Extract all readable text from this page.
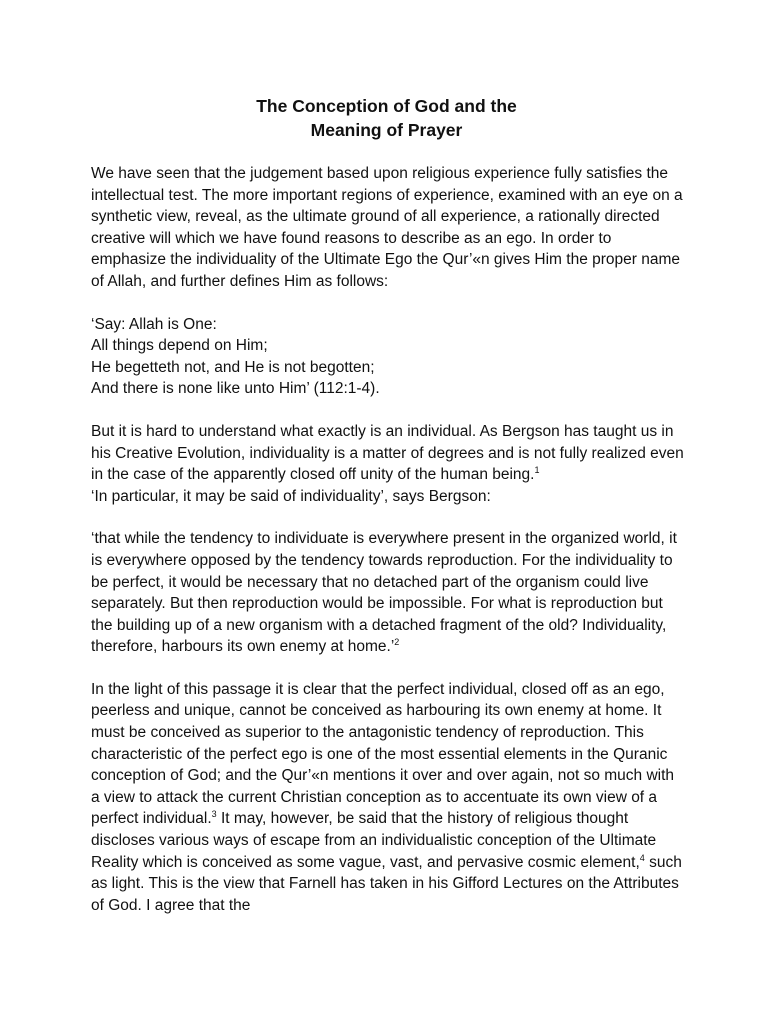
The Conception of God and the
Meaning of Prayer

We have seen that the judgement based upon religious experience fully satisfies the intellectual test. The more important regions of experience, examined with an eye on a synthetic view, reveal, as the ultimate ground of all experience, a rationally directed creative will which we have found reasons to describe as an ego. In order to emphasize the individuality of the Ultimate Ego the Qur’«n gives Him the proper name of Allah, and further defines Him as follows:

‘Say: Allah is One:
All things depend on Him;
He begetteth not, and He is not begotten;
And there is none like unto Him’ (112:1-4).

But it is hard to understand what exactly is an individual. As Bergson has taught us in his Creative Evolution, individuality is a matter of degrees and is not fully realized even in the case of the apparently closed off unity of the human being.$^1$
‘In particular, it may be said of individuality’, says Bergson:

‘that while the tendency to individuate is everywhere present in the organized world, it is everywhere opposed by the tendency towards reproduction. For the individuality to be perfect, it would be necessary that no detached part of the organism could live separately. But then reproduction would be impossible. For what is reproduction but the building up of a new organism with a detached fragment of the old? Individuality, therefore, harbours its own enemy at home.’$^2$

In the light of this passage it is clear that the perfect individual, closed off as an ego, peerless and unique, cannot be conceived as harbouring its own enemy at home. It must be conceived as superior to the antagonistic tendency of reproduction. This characteristic of the perfect ego is one of the most essential elements in the Quranic conception of God; and the Qur’«n mentions it over and over again, not so much with a view to attack the current Christian conception as to accentuate its own view of a perfect individual.$^3$ It may, however, be said that the history of religious thought discloses various ways of escape from an individualistic conception of the Ultimate Reality which is conceived as some vague, vast, and pervasive cosmic element,$^4$ such as light. This is the view that Farnell has taken in his Gifford Lectures on the Attributes of God. I agree that the
